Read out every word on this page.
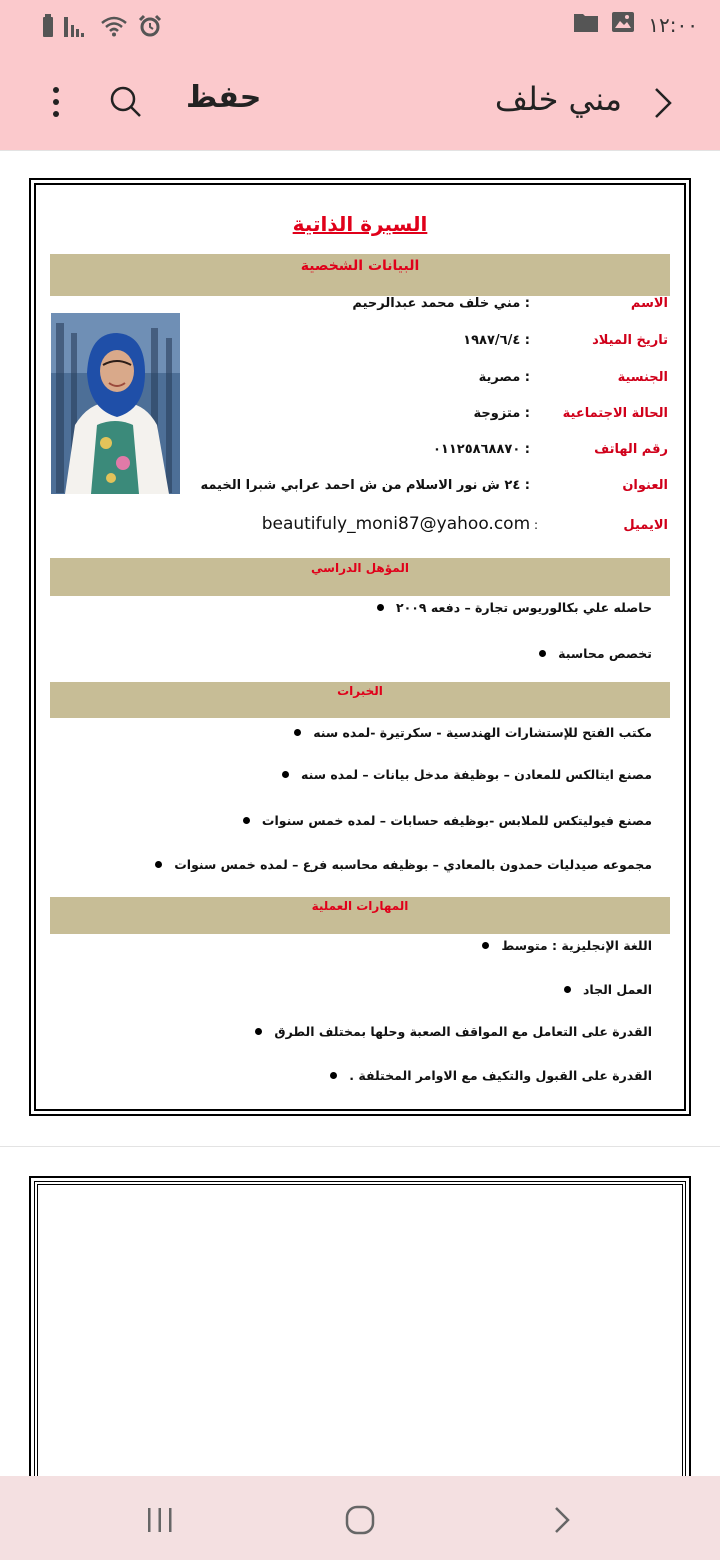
١٢:٠٠
حفظ	مني خلف
السيرة الذاتية
البيانات الشخصية
الاسم
: مني خلف محمد عبدالرحيم
تاريخ الميلاد
: ١٩٨٧/٦/٤
الجنسية
: مصرية
الحالة الاجتماعية
: متزوجة
رقم الهاتف
: ٠١١٢٥٨٦٨٨٧٠
العنوان
: ٢٤ ش نور الاسلام من ش احمد عرابي شبرا الخيمه
الايميل
beautifuly_moni87@yahoo.com :
المؤهل الدراسي
حاصله علي بكالوريوس تجارة – دفعه ٢٠٠٩
تخصص محاسبة
الخبرات
مكتب الفتح للإستشارات الهندسية - سكرتيرة -لمده سنه
مصنع ايتالكس للمعادن – بوظيفة مدخل بيانات – لمده سنه
مصنع فيوليتكس للملابس -بوظيفه حسابات – لمده خمس سنوات
مجموعه صيدليات حمدون بالمعادي – بوظيفه محاسبه فرع – لمده خمس سنوات
المهارات العملية
اللغة الإنجليزية : متوسط
العمل الجاد
القدرة على التعامل مع المواقف الصعبة وحلها بمختلف الطرق
القدرة على القبول والتكيف مع الاوامر المختلفة .
